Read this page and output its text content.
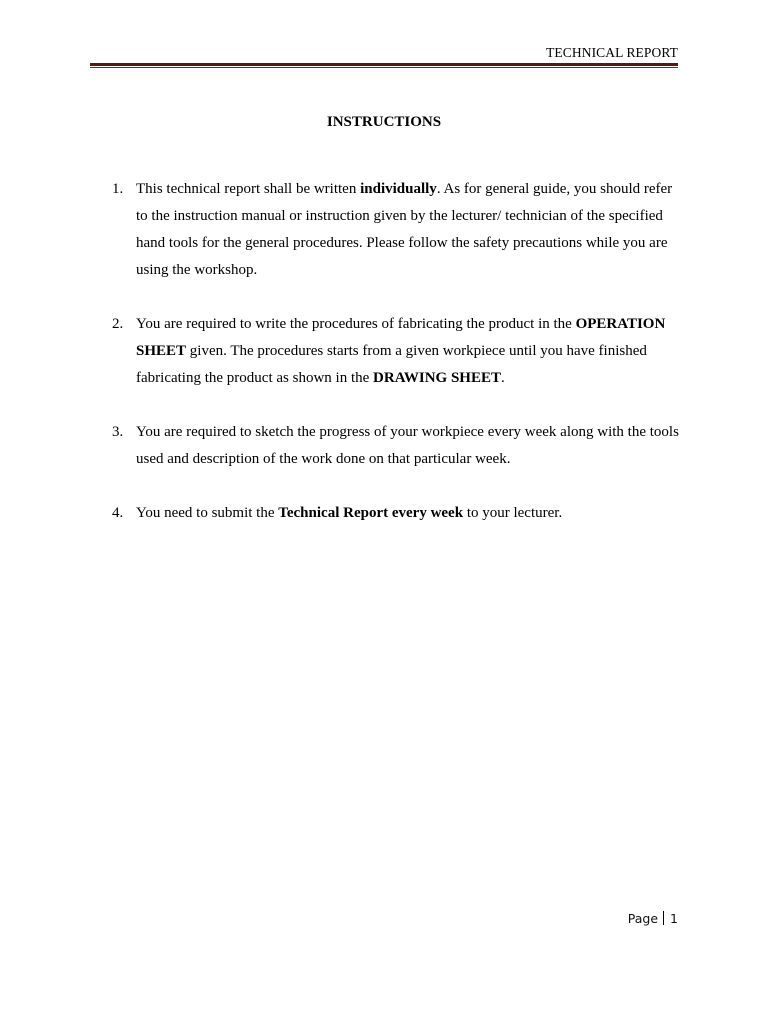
TECHNICAL REPORT
INSTRUCTIONS
1. This technical report shall be written individually. As for general guide, you should refer to the instruction manual or instruction given by the lecturer/ technician of the specified hand tools for the general procedures. Please follow the safety precautions while you are using the workshop.
2. You are required to write the procedures of fabricating the product in the OPERATION SHEET given. The procedures starts from a given workpiece until you have finished fabricating the product as shown in the DRAWING SHEET.
3. You are required to sketch the progress of your workpiece every week along with the tools used and description of the work done on that particular week.
4. You need to submit the Technical Report every week to your lecturer.
Page 1
